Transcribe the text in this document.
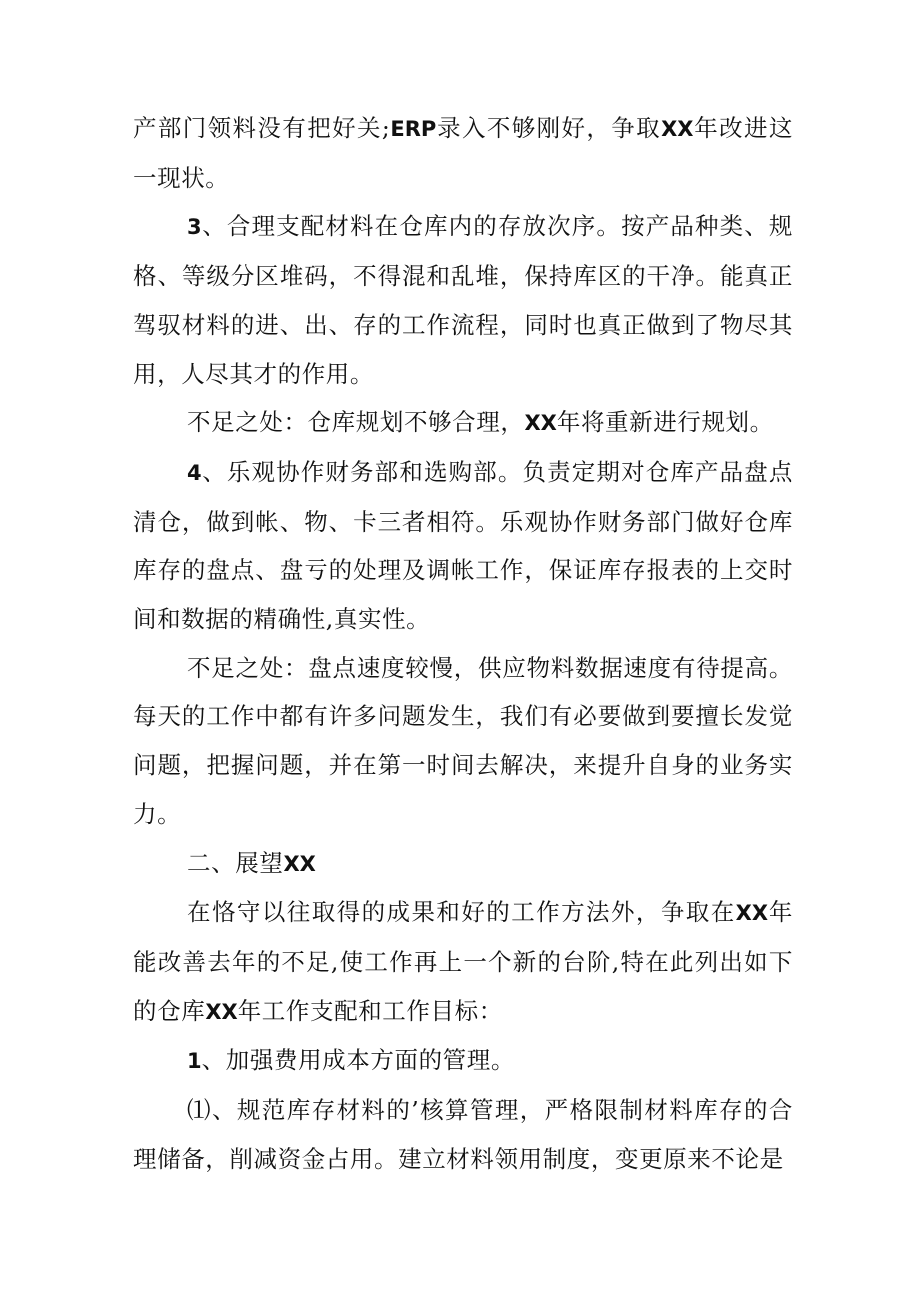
产部门领料没有把好关;ERP录入不够刚好，争取XX年改进这一现状。

3、合理支配材料在仓库内的存放次序。按产品种类、规格、等级分区堆码，不得混和乱堆，保持库区的干净。能真正驾驭材料的进、出、存的工作流程，同时也真正做到了物尽其用，人尽其才的作用。

不足之处：仓库规划不够合理，XX年将重新进行规划。

4、乐观协作财务部和选购部。负责定期对仓库产品盘点清仓，做到帐、物、卡三者相符。乐观协作财务部门做好仓库库存的盘点、盘亏的处理及调帐工作，保证库存报表的上交时间和数据的精确性,真实性。

不足之处：盘点速度较慢，供应物料数据速度有待提高。每天的工作中都有许多问题发生，我们有必要做到要擅长发觉问题，把握问题，并在第一时间去解决，来提升自身的业务实力。

二、展望XX

在恪守以往取得的成果和好的工作方法外，争取在XX年能改善去年的不足,使工作再上一个新的台阶,特在此列出如下的仓库XX年工作支配和工作目标：

1、加强费用成本方面的管理。

⑴、规范库存材料的’核算管理，严格限制材料库存的合理储备，削减资金占用。建立材料领用制度，变更原来不论是
